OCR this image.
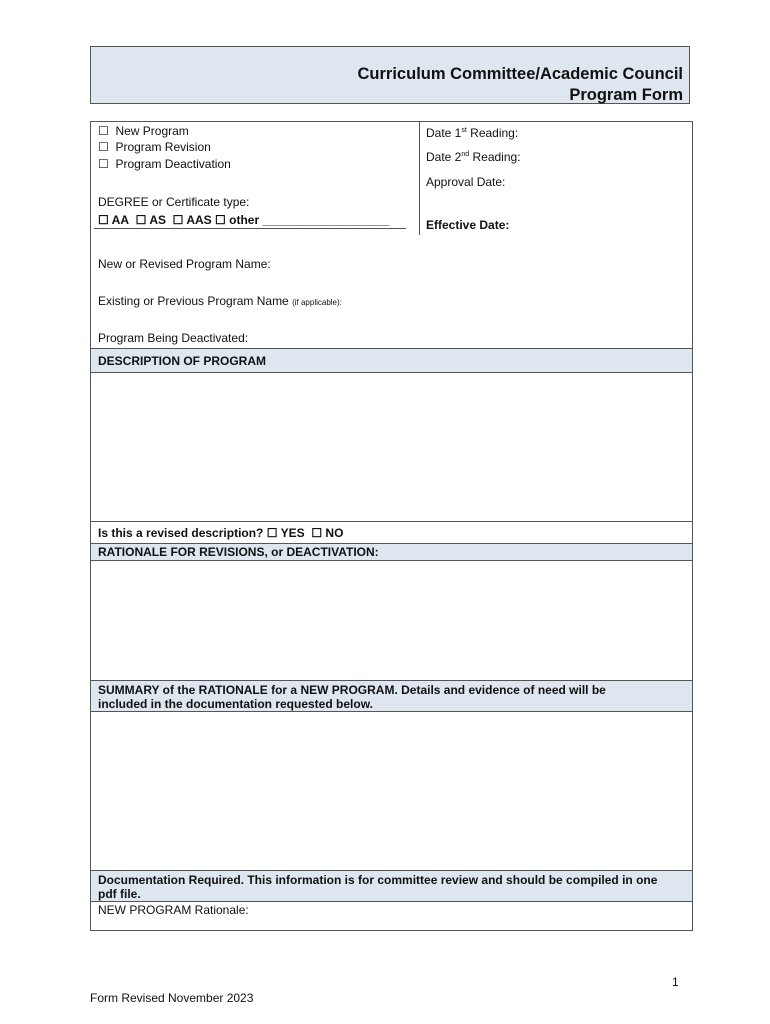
Curriculum Committee/Academic Council
Program Form
☐ New Program
☐ Program Revision
☐ Program Deactivation
DEGREE or Certificate type:
☐ AA ☐ AS ☐ AAS ☐ other ___________________
Date 1st Reading:
Date 2nd Reading:
Approval Date:
Effective Date:
New or Revised Program Name:
Existing or Previous Program Name (if applicable):
Program Being Deactivated:
DESCRIPTION OF PROGRAM
Is this a revised description? ☐ YES ☐ NO
RATIONALE FOR REVISIONS, or DEACTIVATION:
SUMMARY of the RATIONALE for a NEW PROGRAM. Details and evidence of need will be
included in the documentation requested below.
Documentation Required. This information is for committee review and should be compiled in one
pdf file.
NEW PROGRAM Rationale:
1
Form Revised November 2023
